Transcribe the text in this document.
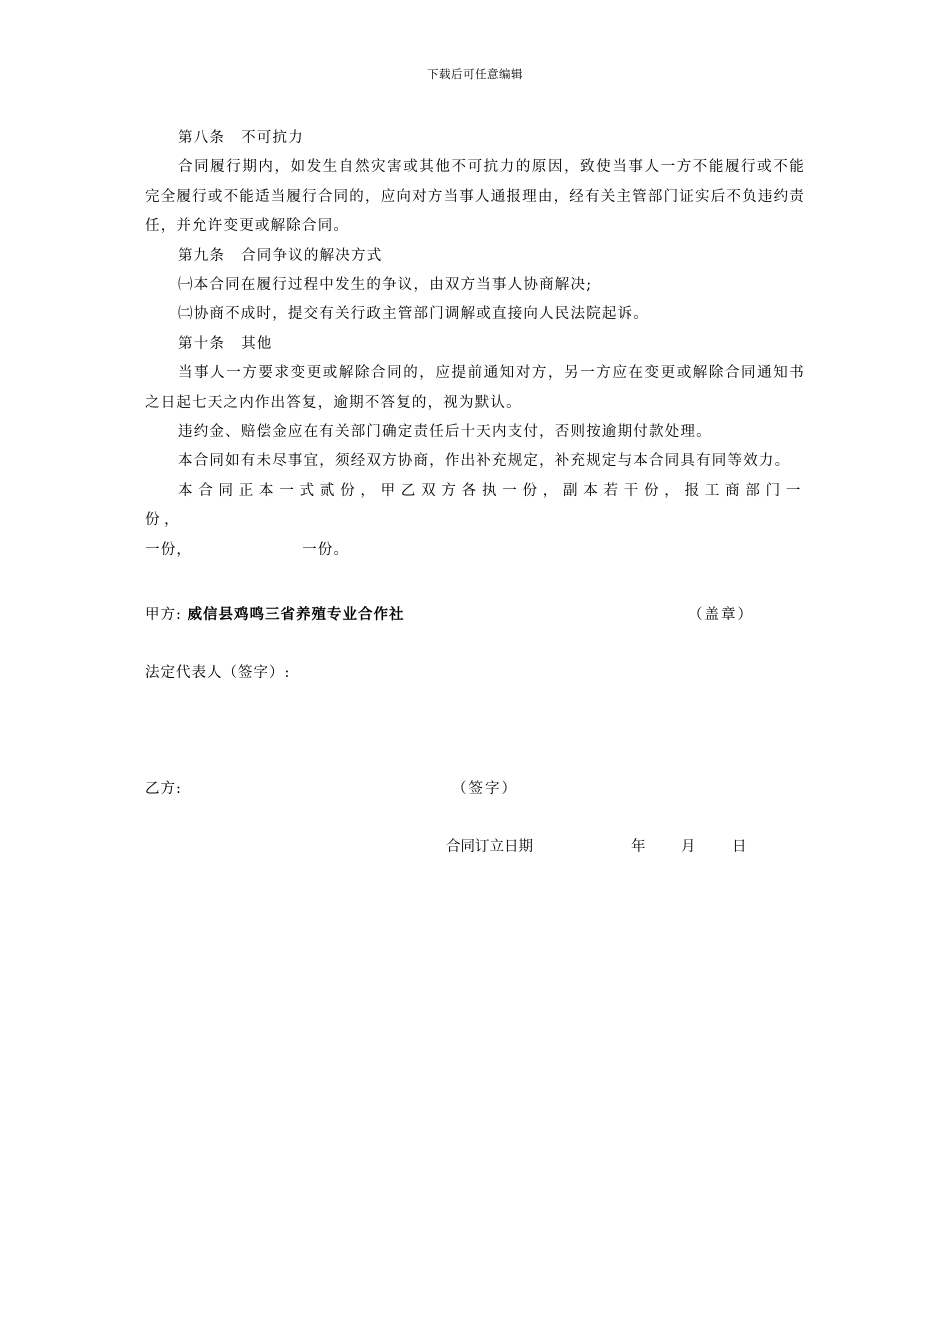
下载后可任意编辑

第八条 不可抗力

合同履行期内，如发生自然灾害或其他不可抗力的原因，致使当事人一方不能履行或不能完全履行或不能适当履行合同的，应向对方当事人通报理由，经有关主管部门证实后不负违约责任，并允许变更或解除合同。

第九条 合同争议的解决方式

㈠本合同在履行过程中发生的争议，由双方当事人协商解决;

㈡协商不成时，提交有关行政主管部门调解或直接向人民法院起诉。

第十条 其他

当事人一方要求变更或解除合同的，应提前通知对方，另一方应在变更或解除合同通知书之日起七天之内作出答复，逾期不答复的，视为默认。

违约金、赔偿金应在有关部门确定责任后十天内支付，否则按逾期付款处理。

本合同如有未尽事宜，须经双方协商，作出补充规定，补充规定与本合同具有同等效力。

本合同正本一式贰份，甲乙双方各执一份，副本若干份，报工商部门一份，

一份，	一份。

甲方: 威信县鸡鸣三省养殖专业合作社	（盖章）
法定代表人（签字）:
乙方:	（签字）
合同订立日期	年 月	日
